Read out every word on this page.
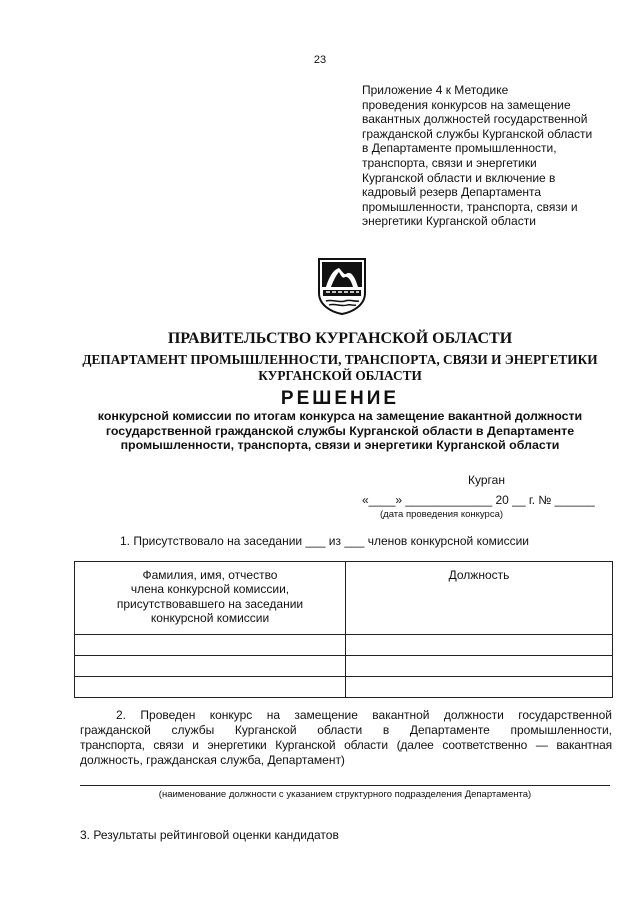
23
Приложение 4 к Методике
проведения конкурсов на замещение
вакантных должностей государственной
гражданской службы Курганской области
в Департаменте промышленности,
транспорта, связи и энергетики
Курганской области и включение в
кадровый резерв Департамента
промышленности, транспорта, связи и
энергетики Курганской области
ПРАВИТЕЛЬСТВО КУРГАНСКОЙ ОБЛАСТИ
ДЕПАРТАМЕНТ ПРОМЫШЛЕННОСТИ, ТРАНСПОРТА, СВЯЗИ И ЭНЕРГЕТИКИ
КУРГАНСКОЙ ОБЛАСТИ
РЕШЕНИЕ
конкурсной комиссии по итогам конкурса на замещение вакантной должности
государственной гражданской службы Курганской области в Департаменте
промышленности, транспорта, связи и энергетики Курганской области
Курган
«____» _____________ 20 __ г. № ______
(дата проведения конкурса)
1. Присутствовало на заседании ___ из ___ членов конкурсной комиссии
Фамилия, имя, отчество
члена конкурсной комиссии,
присутствовавшего на заседании
конкурсной комиссии	Должность

2. Проведен конкурс на замещение вакантной должности государственной
гражданской службы Курганской области в Департаменте промышленности,
транспорта, связи и энергетики Курганской области (далее соответственно — вакантная
должность, гражданская служба, Департамент)
(наименование должности с указанием структурного подразделения Департамента)
3. Результаты рейтинговой оценки кандидатов
